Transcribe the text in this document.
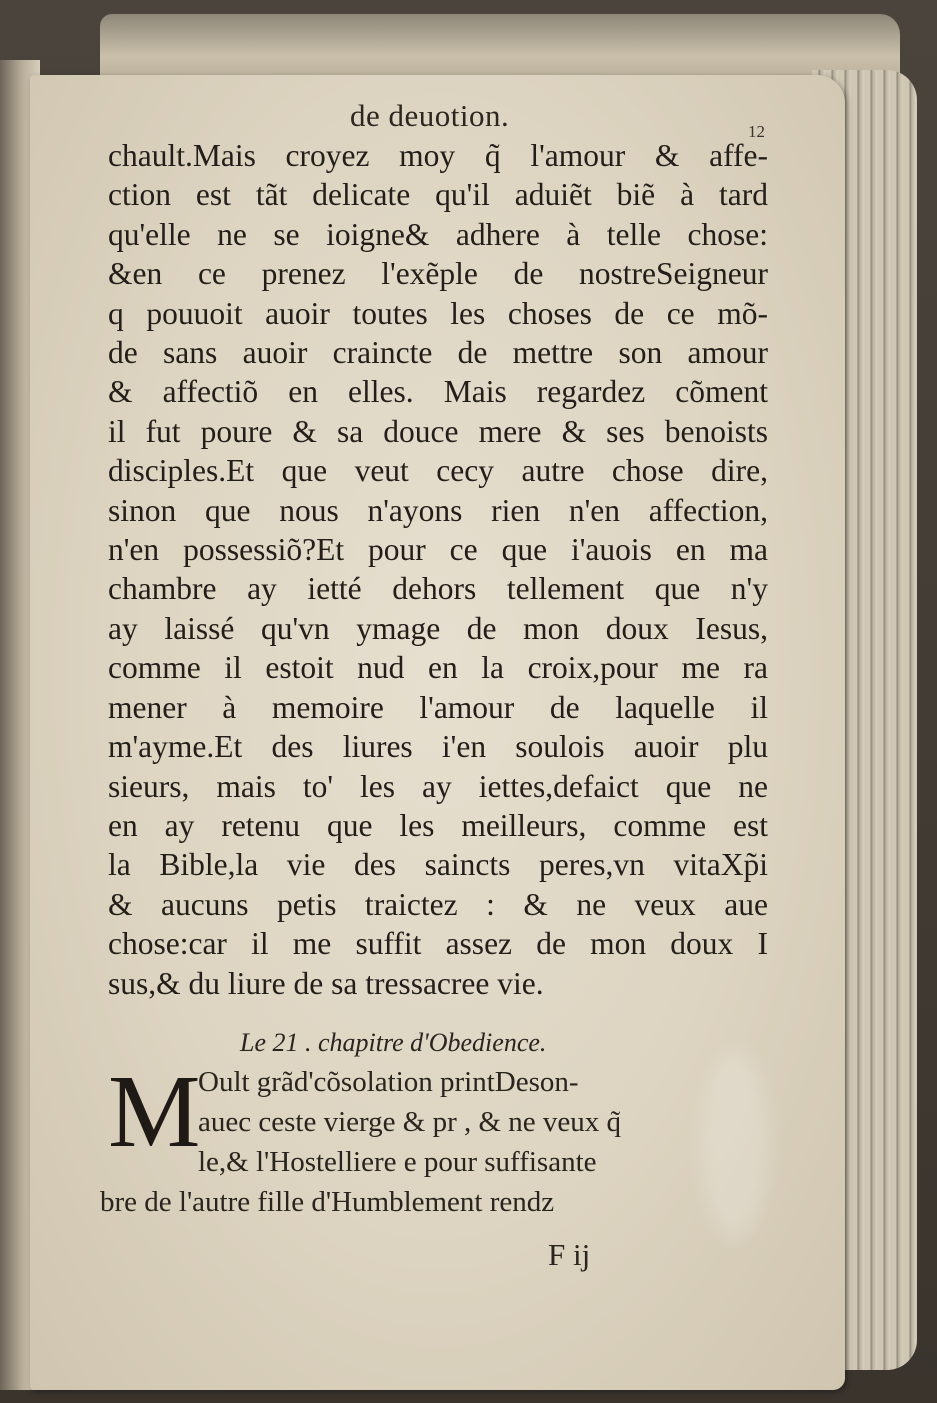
de deuotion.	12
chault.Mais croyez moy q̃ l'amour & affe-
ction est tãt delicate qu'il aduiẽt biẽ à tard
qu'elle ne se ioigne& adhere à telle chose:
&en ce prenez l'exẽple de nostreSeigneur
q pouuoit auoir toutes les choses de ce mõ-
de sans auoir craincte de mettre son amour
& affectiõ en elles. Mais regardez cõment
il fut poure & sa douce mere & ses benoists
disciples.Et que veut cecy autre chose dire,
sinon que nous n'ayons rien n'en affection,
n'en possessiõ?Et pour ce que i'auois en ma
chambre ay ietté dehors tellement que n'y
ay laissé qu'vn ymage de mon doux Iesus,
comme il estoit nud en la croix,pour me ra
mener à memoire l'amour de laquelle il
m'ayme.Et des liures i'en soulois auoir plu
sieurs, mais to' les ay iettes,defaict que ne
en ay retenu que les meilleurs, comme est
la Bible,la vie des saincts peres,vn vitaXp̃i
& aucuns petis traictez : & ne veux aue
chose:car il me suffit assez de mon doux I
sus,& du liure de sa tressacree vie.
Le 21 . chapitre d'Obedience.
M
Oult grãd'cõsolation printDeson-
auec ceste vierge & pr , & ne veux q̃
le,& l'Hostelliere e pour suffisante
bre de l'autre fille d'Humblement rendz
F ij
